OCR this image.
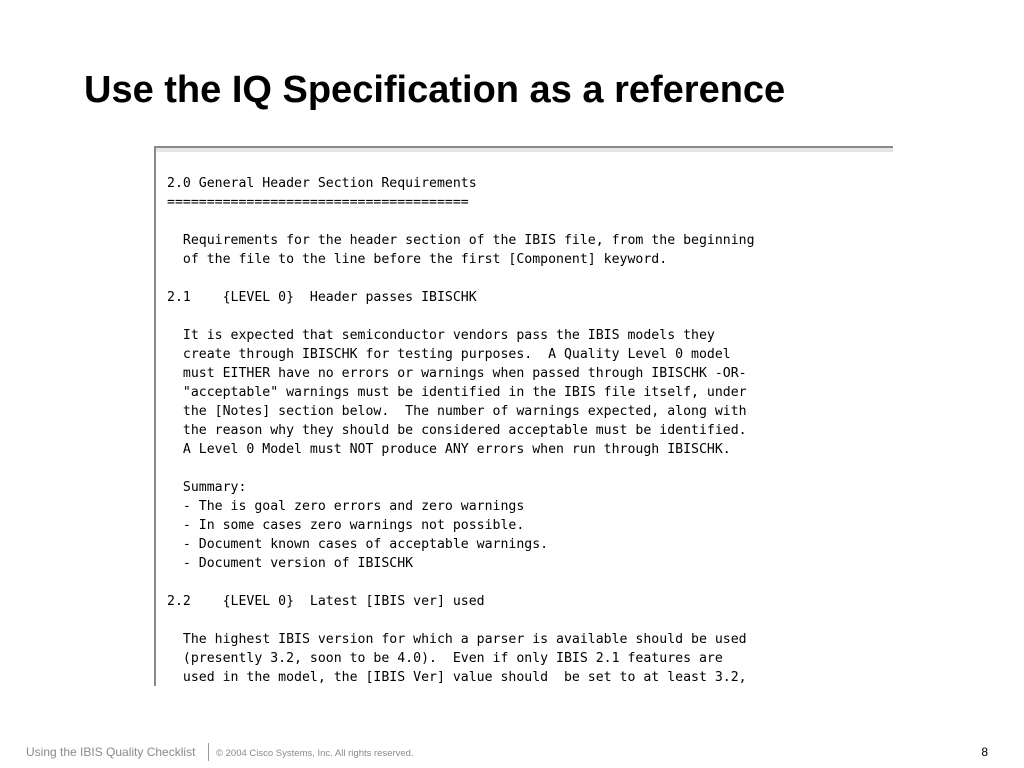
Use the IQ Specification as a reference
2.0 General Header Section Requirements
======================================
Requirements for the header section of the IBIS file, from the beginning
of the file to the line before the first [Component] keyword.
2.1    {LEVEL 0}  Header passes IBISCHK
It is expected that semiconductor vendors pass the IBIS models they
create through IBISCHK for testing purposes.  A Quality Level 0 model
must EITHER have no errors or warnings when passed through IBISCHK -OR-
"acceptable" warnings must be identified in the IBIS file itself, under
the [Notes] section below.  The number of warnings expected, along with
the reason why they should be considered acceptable must be identified.
A Level 0 Model must NOT produce ANY errors when run through IBISCHK.
Summary:
- The is goal zero errors and zero warnings
- In some cases zero warnings not possible.
- Document known cases of acceptable warnings.
- Document version of IBISCHK
2.2    {LEVEL 0}  Latest [IBIS ver] used
The highest IBIS version for which a parser is available should be used
(presently 3.2, soon to be 4.0).  Even if only IBIS 2.1 features are
used in the model, the [IBIS Ver] value should  be set to at least 3.2,
Using the IBIS Quality Checklist © 2004 Cisco Systems, Inc. All rights reserved.	8
